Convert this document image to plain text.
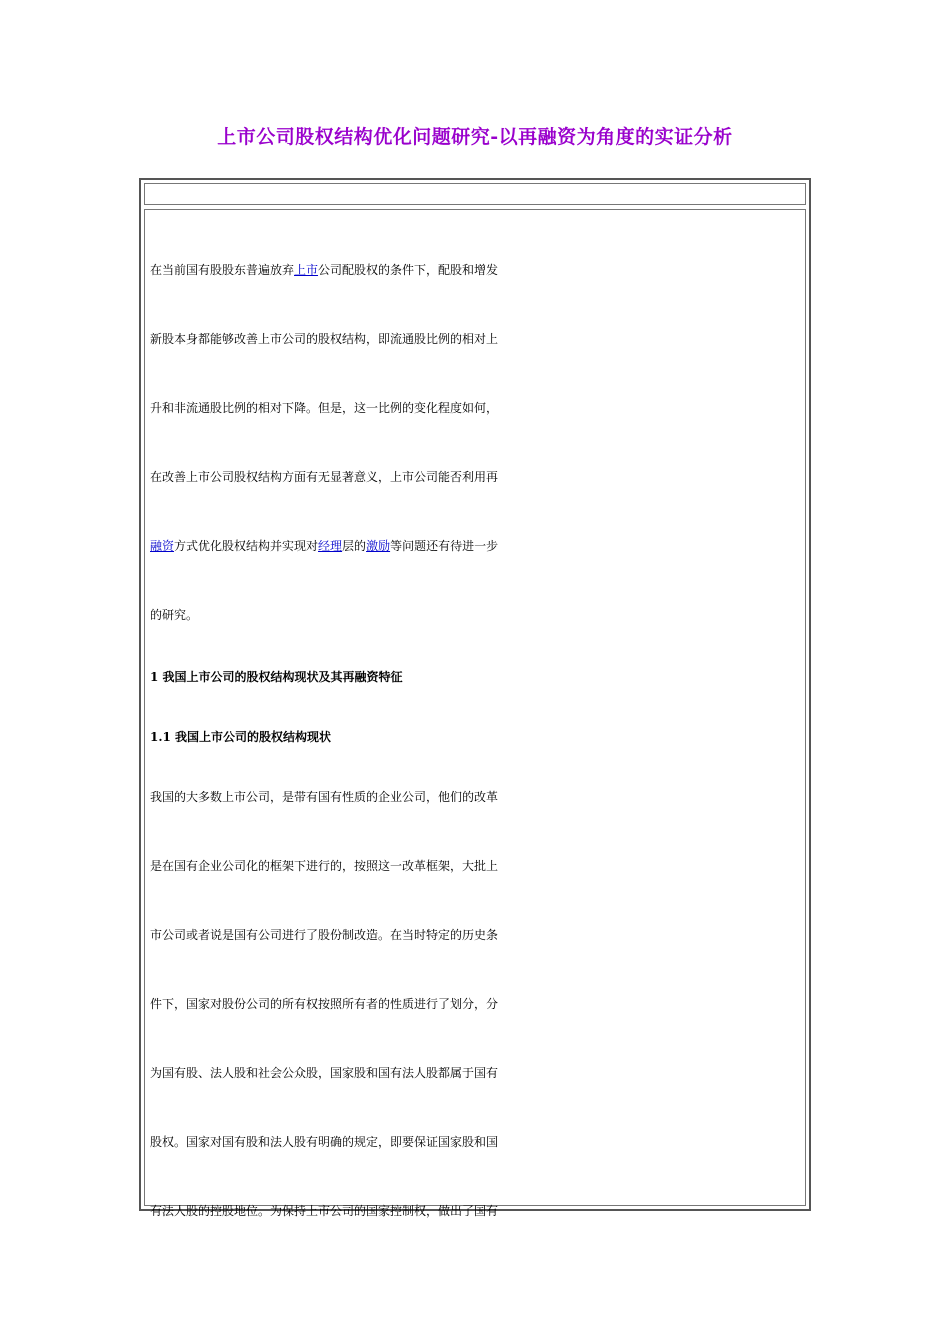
上市公司股权结构优化问题研究-以再融资为角度的实证分析
在当前国有股股东普遍放弃上市公司配股权的条件下，配股和增发
新股本身都能够改善上市公司的股权结构，即流通股比例的相对上
升和非流通股比例的相对下降。但是，这一比例的变化程度如何，
在改善上市公司股权结构方面有无显著意义，上市公司能否利用再
融资方式优化股权结构并实现对经理层的激励等问题还有待进一步
的研究。
1 我国上市公司的股权结构现状及其再融资特征
1.1 我国上市公司的股权结构现状
我国的大多数上市公司，是带有国有性质的企业公司，他们的改革
是在国有企业公司化的框架下进行的，按照这一改革框架，大批上
市公司或者说是国有公司进行了股份制改造。在当时特定的历史条
件下，国家对股份公司的所有权按照所有者的性质进行了划分，分
为国有股、法人股和社会公众股，国家股和国有法人股都属于国有
股权。国家对国有股和法人股有明确的规定，即要保证国家股和国
有法人股的控股地位。为保持上市公司的国家控制权，做出了国有
